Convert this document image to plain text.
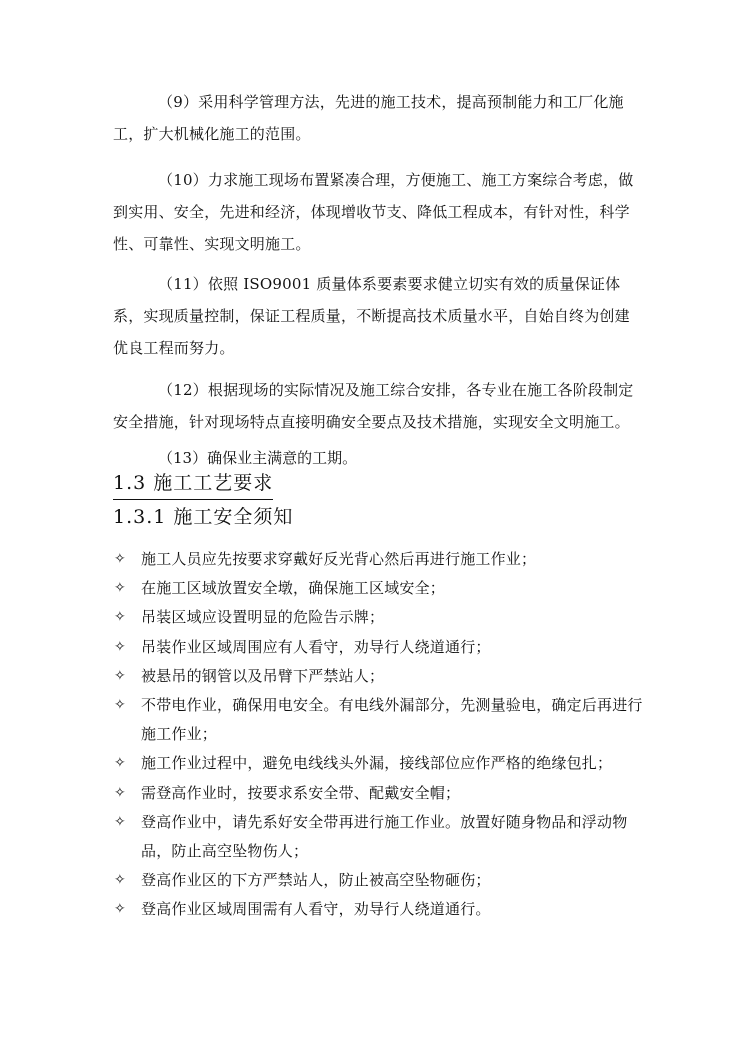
（9）采用科学管理方法，先进的施工技术，提高预制能力和工厂化施工，扩大机械化施工的范围。

（10）力求施工现场布置紧凑合理，方便施工、施工方案综合考虑，做到实用、安全，先进和经济，体现增收节支、降低工程成本，有针对性，科学性、可靠性、实现文明施工。

（11）依照 ISO9001 质量体系要素要求健立切实有效的质量保证体系，实现质量控制，保证工程质量，不断提高技术质量水平，自始自终为创建优良工程而努力。

（12）根据现场的实际情况及施工综合安排，各专业在施工各阶段制定安全措施，针对现场特点直接明确安全要点及技术措施，实现安全文明施工。

（13）确保业主满意的工期。

1.3 施工工艺要求
1.3.1 施工安全须知
✧ 施工人员应先按要求穿戴好反光背心然后再进行施工作业；
✧ 在施工区域放置安全墩，确保施工区域安全；
✧ 吊装区域应设置明显的危险告示牌；
✧ 吊装作业区域周围应有人看守，劝导行人绕道通行；
✧ 被悬吊的钢管以及吊臂下严禁站人；
✧ 不带电作业，确保用电安全。有电线外漏部分，先测量验电，确定后再进行施工作业；
✧ 施工作业过程中，避免电线线头外漏，接线部位应作严格的绝缘包扎；
✧ 需登高作业时，按要求系安全带、配戴安全帽；
✧ 登高作业中，请先系好安全带再进行施工作业。放置好随身物品和浮动物品，防止高空坠物伤人；
✧ 登高作业区的下方严禁站人，防止被高空坠物砸伤；
✧ 登高作业区域周围需有人看守，劝导行人绕道通行。
